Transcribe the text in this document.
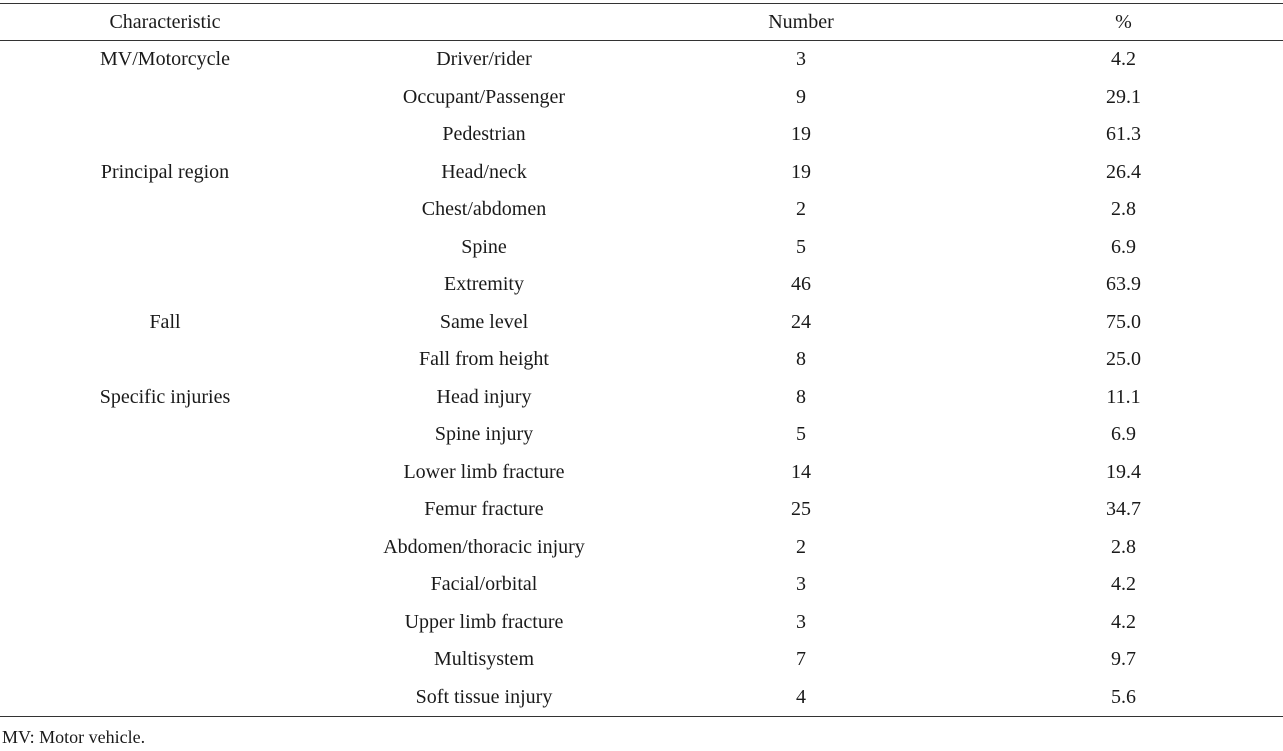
Characteristic		Number	%
MV/Motorcycle	Driver/rider	3	4.2
	Occupant/Passenger	9	29.1
	Pedestrian	19	61.3
Principal region	Head/neck	19	26.4
	Chest/abdomen	2	2.8
	Spine	5	6.9
	Extremity	46	63.9
Fall	Same level	24	75.0
	Fall from height	8	25.0
Specific injuries	Head injury	8	11.1
	Spine injury	5	6.9
	Lower limb fracture	14	19.4
	Femur fracture	25	34.7
	Abdomen/thoracic injury	2	2.8
	Facial/orbital	3	4.2
	Upper limb fracture	3	4.2
	Multisystem	7	9.7
	Soft tissue injury	4	5.6
MV: Motor vehicle.
